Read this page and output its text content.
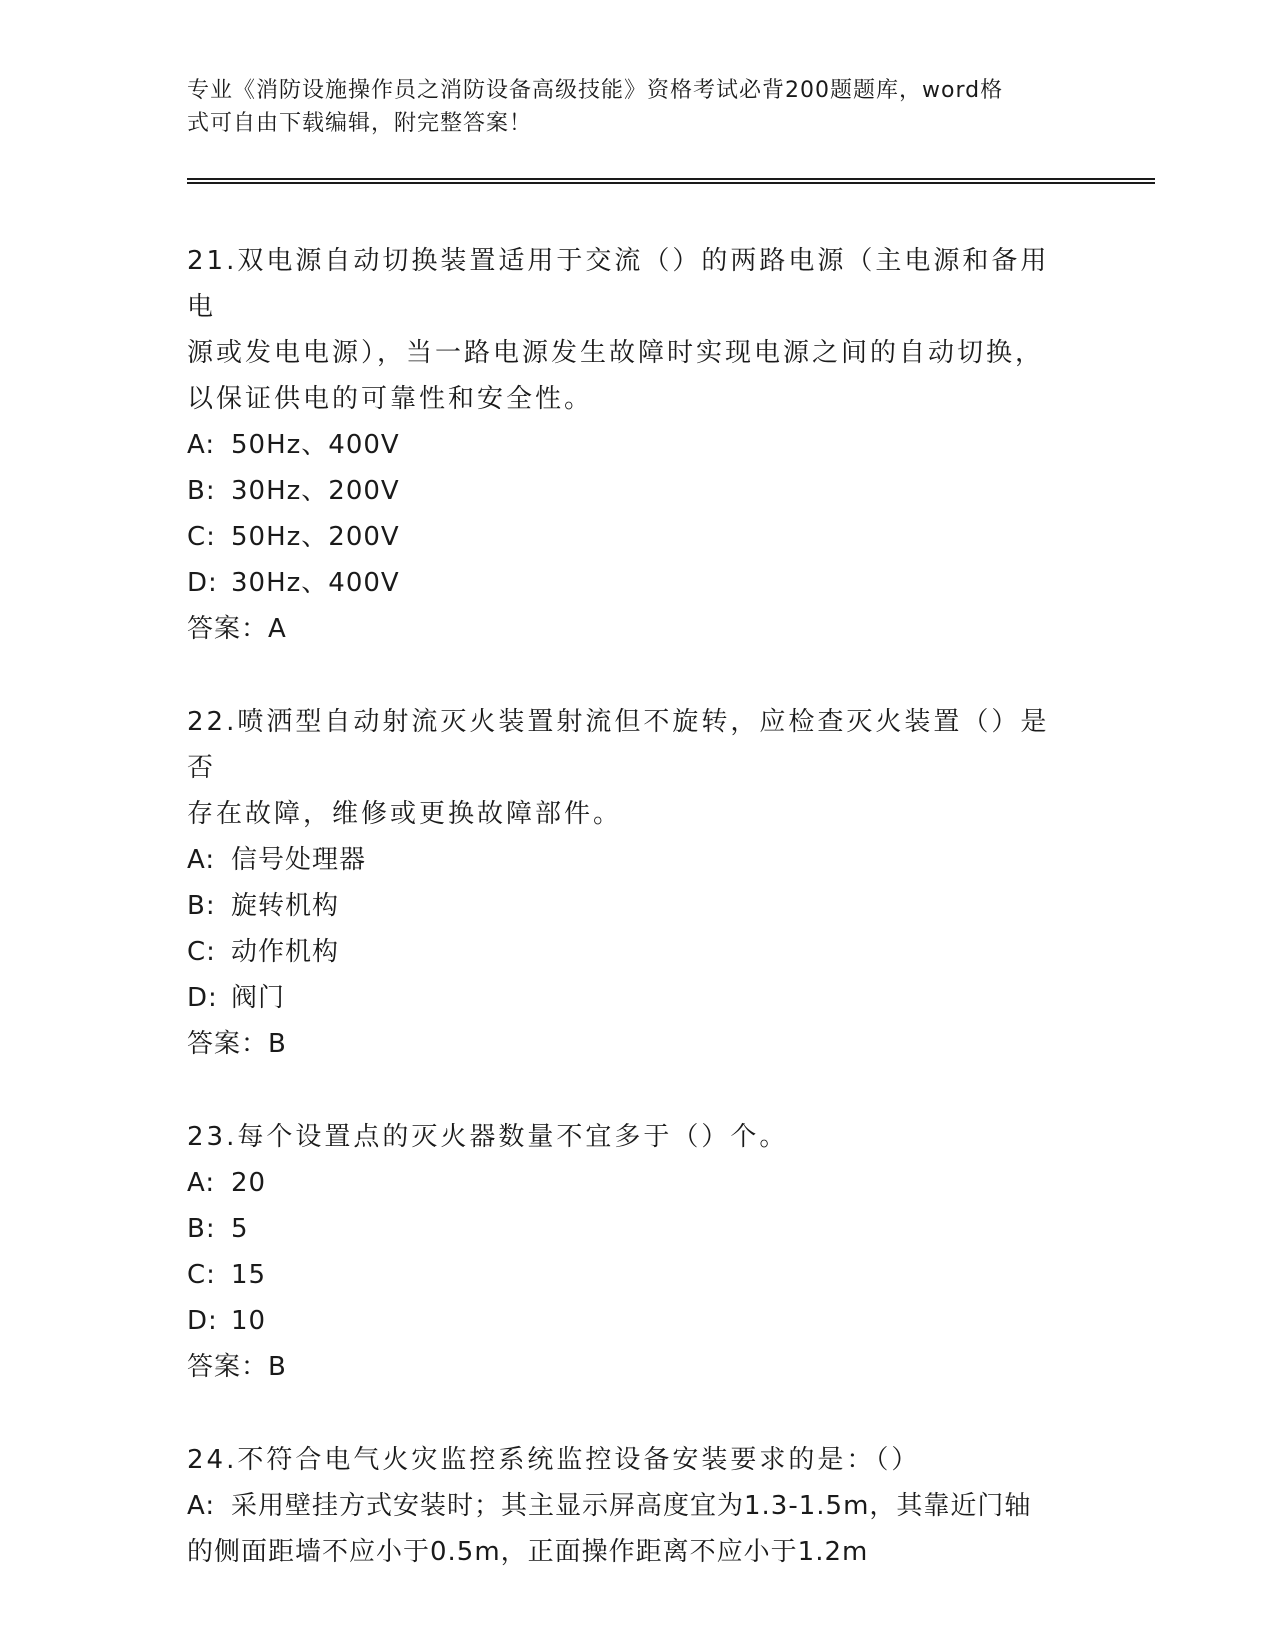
专业《消防设施操作员之消防设备高级技能》资格考试必背200题题库，word格
式可自由下载编辑，附完整答案！
21.双电源自动切换装置适用于交流（）的两路电源（主电源和备用电
源或发电电源），当一路电源发生故障时实现电源之间的自动切换，
以保证供电的可靠性和安全性。
A: 50Hz、400V
B: 30Hz、200V
C: 50Hz、200V
D: 30Hz、400V
答案：A
22.喷洒型自动射流灭火装置射流但不旋转，应检查灭火装置（）是否
存在故障，维修或更换故障部件。
A: 信号处理器
B: 旋转机构
C: 动作机构
D: 阀门
答案：B
23.每个设置点的灭火器数量不宜多于（）个。
A: 20
B: 5
C: 15
D: 10
答案：B
24.不符合电气火灾监控系统监控设备安装要求的是：（）
A: 采用壁挂方式安装时；其主显示屏高度宜为1.3-1.5m，其靠近门轴
的侧面距墙不应小于0.5m，正面操作距离不应小于1.2m
